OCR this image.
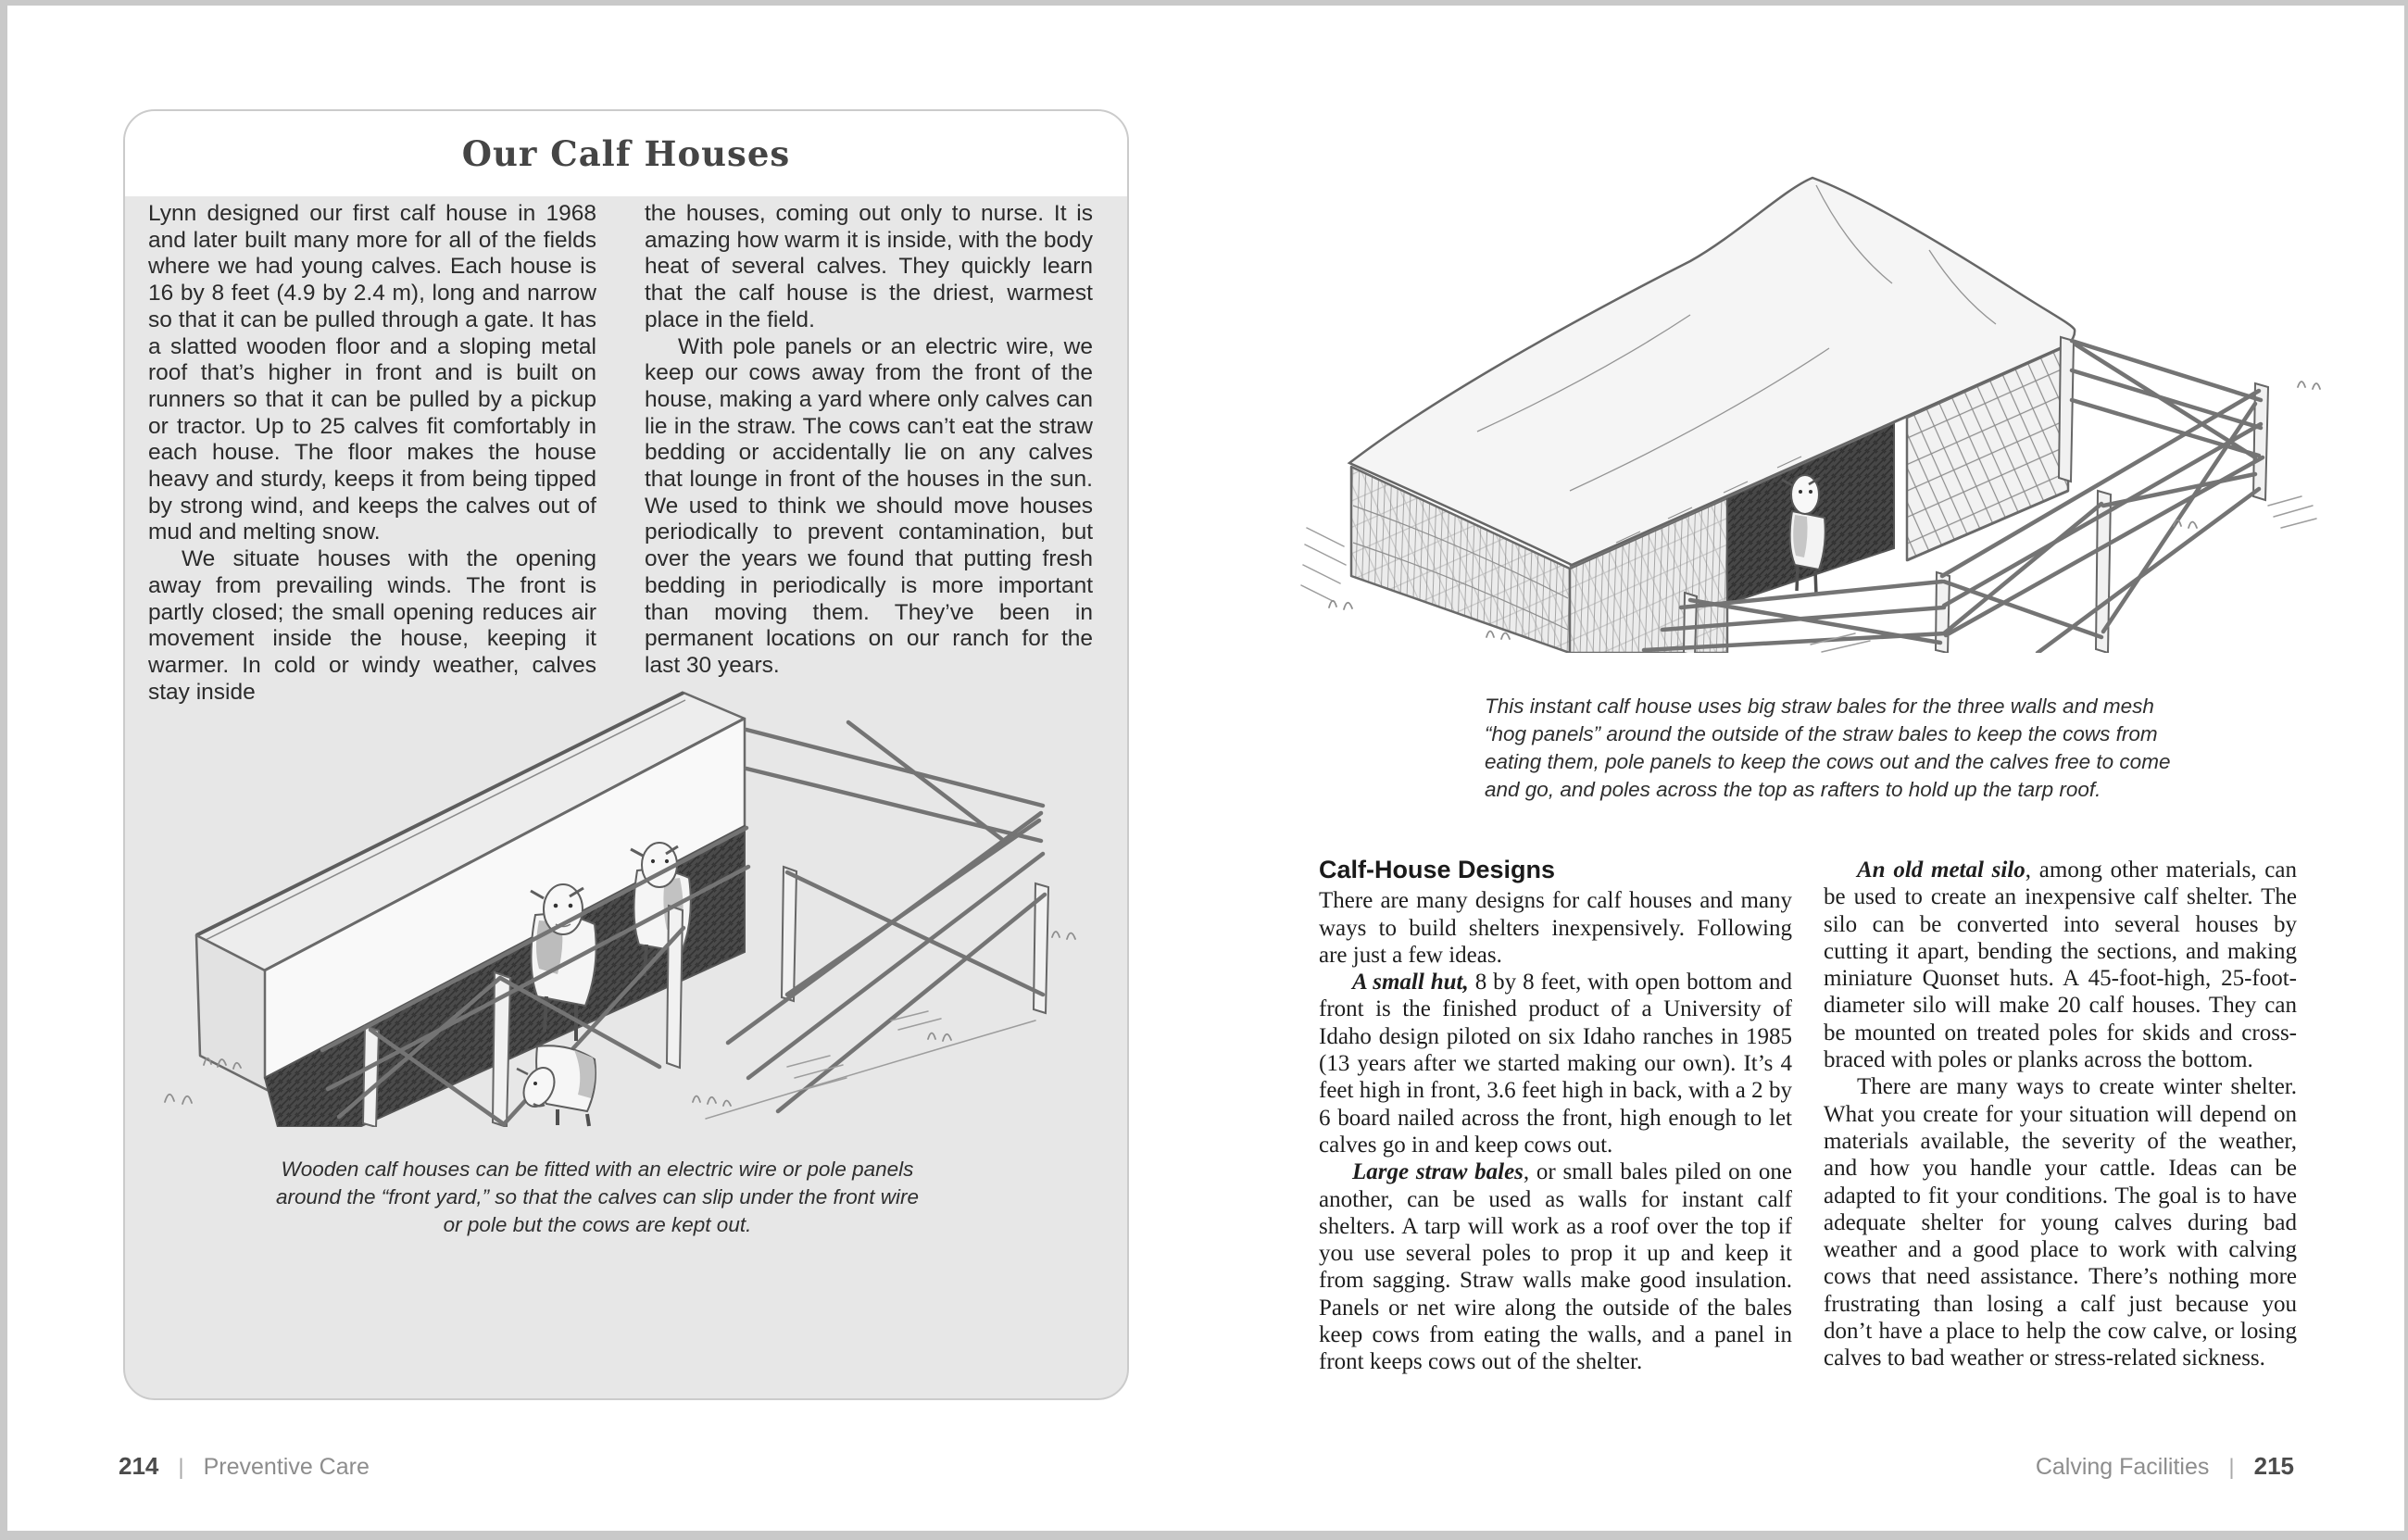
Our Calf Houses

Lynn designed our first calf house in 1968 and later built many more for all of the fields where we had young calves. Each house is 16 by 8 feet (4.9 by 2.4 m), long and narrow so that it can be pulled through a gate. It has a slatted wooden floor and a sloping metal roof that’s higher in front and is built on runners so that it can be pulled by a pickup or tractor. Up to 25 calves fit comfortably in each house. The floor makes the house heavy and sturdy, keeps it from being tipped by strong wind, and keeps the calves out of mud and melting snow.

We situate houses with the opening away from prevailing winds. The front is partly closed; the small opening reduces air movement inside the house, keeping it warmer. In cold or windy weather, calves stay inside

the houses, coming out only to nurse. It is amazing how warm it is inside, with the body heat of several calves. They quickly learn that the calf house is the driest, warmest place in the field.

With pole panels or an electric wire, we keep our cows away from the front of the house, making a yard where only calves can lie in the straw. The cows can’t eat the straw bedding or accidentally lie on any calves that lounge in front of the houses in the sun. We used to think we should move houses periodically to prevent contamination, but over the years we found that putting fresh bedding in periodically is more important than moving them. They’ve been in permanent locations on our ranch for the last 30 years.

Wooden calf houses can be fitted with an electric wire or pole panels around the “front yard,” so that the calves can slip under the front wire or pole but the cows are kept out.

This instant calf house uses big straw bales for the three walls and mesh “hog panels” around the outside of the straw bales to keep the cows from eating them, pole panels to keep the cows out and the calves free to come and go, and poles across the top as rafters to hold up the tarp roof.

Calf-House Designs

There are many designs for calf houses and many ways to build shelters inexpensively. Following are just a few ideas.

A small hut, 8 by 8 feet, with open bottom and front is the finished product of a University of Idaho design piloted on six Idaho ranches in 1985 (13 years after we started making our own). It’s 4 feet high in front, 3.6 feet high in back, with a 2 by 6 board nailed across the front, high enough to let calves go in and keep cows out.

Large straw bales, or small bales piled on one another, can be used as walls for instant calf shelters. A tarp will work as a roof over the top if you use several poles to prop it up and keep it from sagging. Straw walls make good insulation. Panels or net wire along the outside of the bales keep cows from eating the walls, and a panel in front keeps cows out of the shelter.

An old metal silo, among other materials, can be used to create an inexpensive calf shelter. The silo can be converted into several houses by cutting it apart, bending the sections, and making miniature Quonset huts. A 45-foot-high, 25-foot-diameter silo will make 20 calf houses. They can be mounted on treated poles for skids and cross-braced with poles or planks across the bottom.

There are many ways to create winter shelter. What you create for your situation will depend on materials available, the severity of the weather, and how you handle your cattle. Ideas can be adapted to fit your conditions. The goal is to have adequate shelter for young calves during bad weather and a good place to work with calving cows that need assistance. There’s nothing more frustrating than losing a calf just because you don’t have a place to help the cow calve, or losing calves to bad weather or stress-related sickness.

214 | Preventive Care	Calving Facilities | 215
